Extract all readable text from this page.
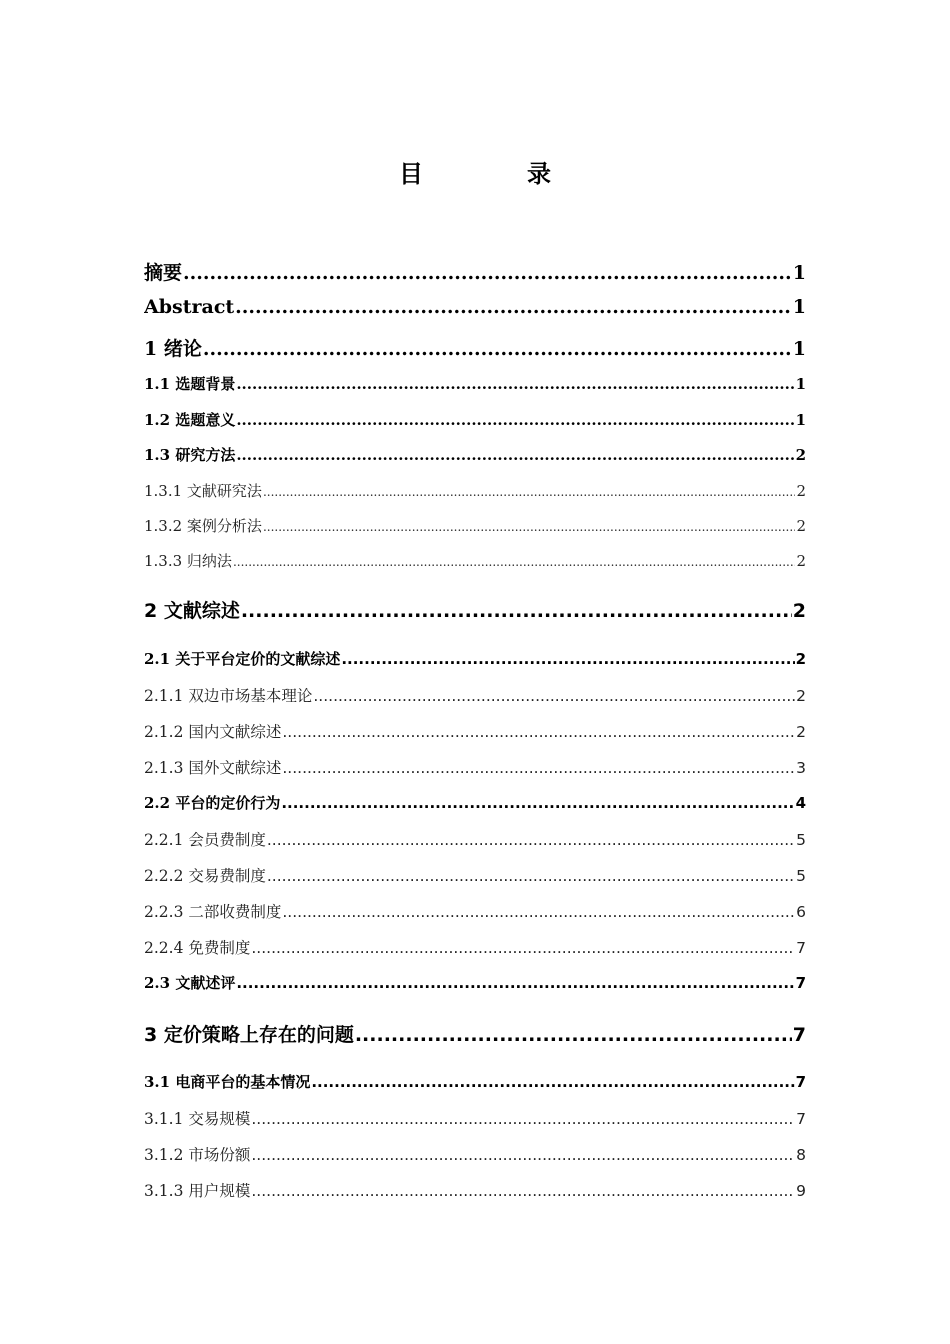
目　录
摘要 .....	1
Abstract .....	1
1 绪论 .....	1
1.1 选题背景 .....	1
1.2 选题意义 .....	1
1.3 研究方法 .....	2
1.3.1 文献研究法 .....	2
1.3.2 案例分析法 .....	2
1.3.3 归纳法 .....	2
2 文献综述 .....	2
2.1 关于平台定价的文献综述 .....	2
2.1.1 双边市场基本理论 .....	2
2.1.2 国内文献综述 .....	2
2.1.3 国外文献综述 .....	3
2.2 平台的定价行为 .....	4
2.2.1 会员费制度 .....	5
2.2.2 交易费制度 .....	5
2.2.3 二部收费制度 .....	6
2.2.4 免费制度 .....	7
2.3 文献述评 .....	7
3 定价策略上存在的问题 .....	7
3.1 电商平台的基本情况 .....	7
3.1.1 交易规模 .....	7
3.1.2 市场份额 .....	8
3.1.3 用户规模 .....	9
